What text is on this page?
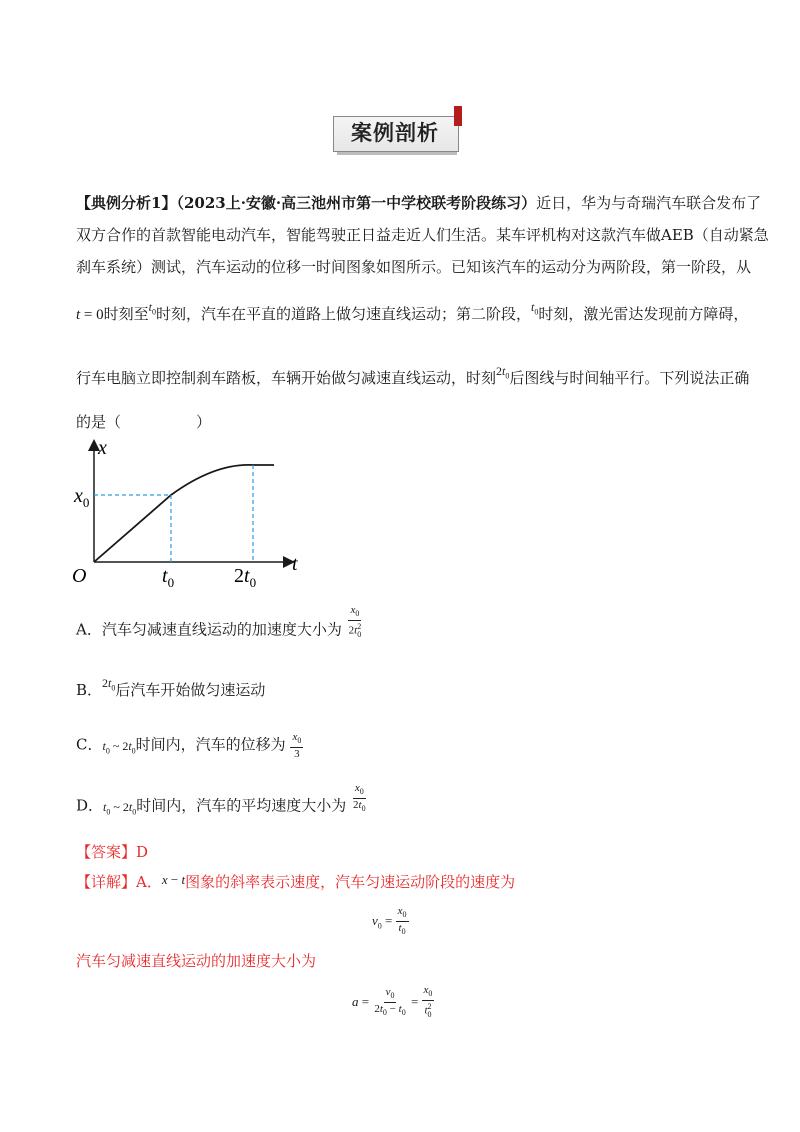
案例剖析
【典例分析1】（2023上·安徽·高三池州市第一中学校联考阶段练习）近日，华为与奇瑞汽车联合发布了
双方合作的首款智能电动汽车，智能驾驶正日益走近人们生活。某车评机构对这款汽车做AEB（自动紧急
刹车系统）测试，汽车运动的位移一时间图象如图所示。已知该汽车的运动分为两阶段，第一阶段，从
t = 0时刻至$^{t_0}$时刻，汽车在平直的道路上做匀速直线运动；第二阶段，$^{t_0}$时刻，激光雷达发现前方障碍，
行车电脑立即控制刹车踏板，车辆开始做匀减速直线运动，时刻$^{2t_0}$后图线与时间轴平行。下列说法正确
的是（　　　　　）
x
t
O
$x_0$
$t_0$	$2t_0$
A．汽车匀减速直线运动的加速度大小为 $\frac{x_0}{2t_0^2}$
B．$^{2t_0}$后汽车开始做匀速运动
C．$t_0$ ~ $2t_0$时间内，汽车的位移为 $\frac{x_0}{3}$
D．$t_0$ ~ $2t_0$时间内，汽车的平均速度大小为 $\frac{x_0}{2t_0}$
【答案】D
【详解】A．x − t图象的斜率表示速度，汽车匀速运动阶段的速度为
$v_0 = \frac{x_0}{t_0}$
汽车匀减速直线运动的加速度大小为
$a = \frac{v_0}{2t_0 - t_0} = \frac{x_0}{t_0^2}$
